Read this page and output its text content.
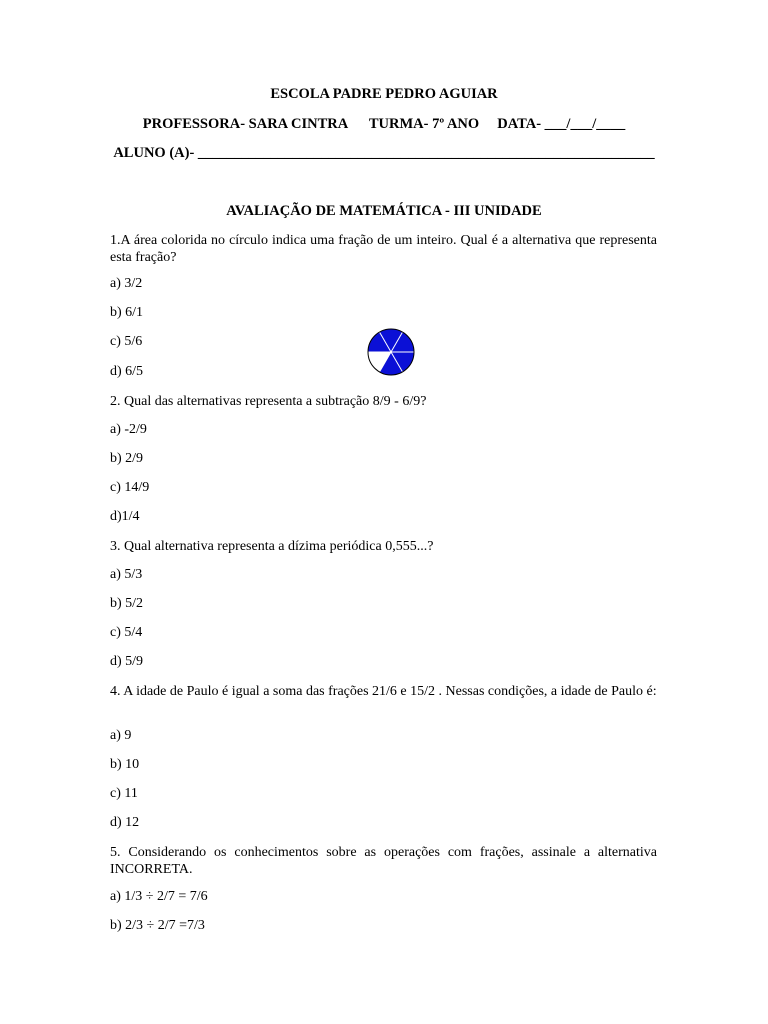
ESCOLA PADRE PEDRO AGUIAR
PROFESSORA- SARA CINTRA      TURMA- 7º ANO     DATA- ___/___/____
ALUNO (A)- _______________________________________________________________
AVALIAÇÃO DE MATEMÁTICA - III UNIDADE
1.A área colorida no círculo indica uma fração de um inteiro. Qual é a alternativa que representa esta fração?
a) 3/2
b) 6/1
c) 5/6
d) 6/5
2. Qual das alternativas representa a subtração 8/9 - 6/9?
a) -2/9
b) 2/9
c) 14/9
d)1/4
3. Qual alternativa representa a dízima periódica 0,555...?
a) 5/3
b) 5/2
c) 5/4
d) 5/9
4. A idade de Paulo é igual a soma das frações 21/6 e 15/2 . Nessas condições, a idade de Paulo é:
a) 9
b) 10
c) 11
d) 12
5. Considerando os conhecimentos sobre as operações com frações, assinale a alternativa INCORRETA.
a) 1/3 ÷ 2/7 = 7/6
b) 2/3 ÷ 2/7 =7/3
